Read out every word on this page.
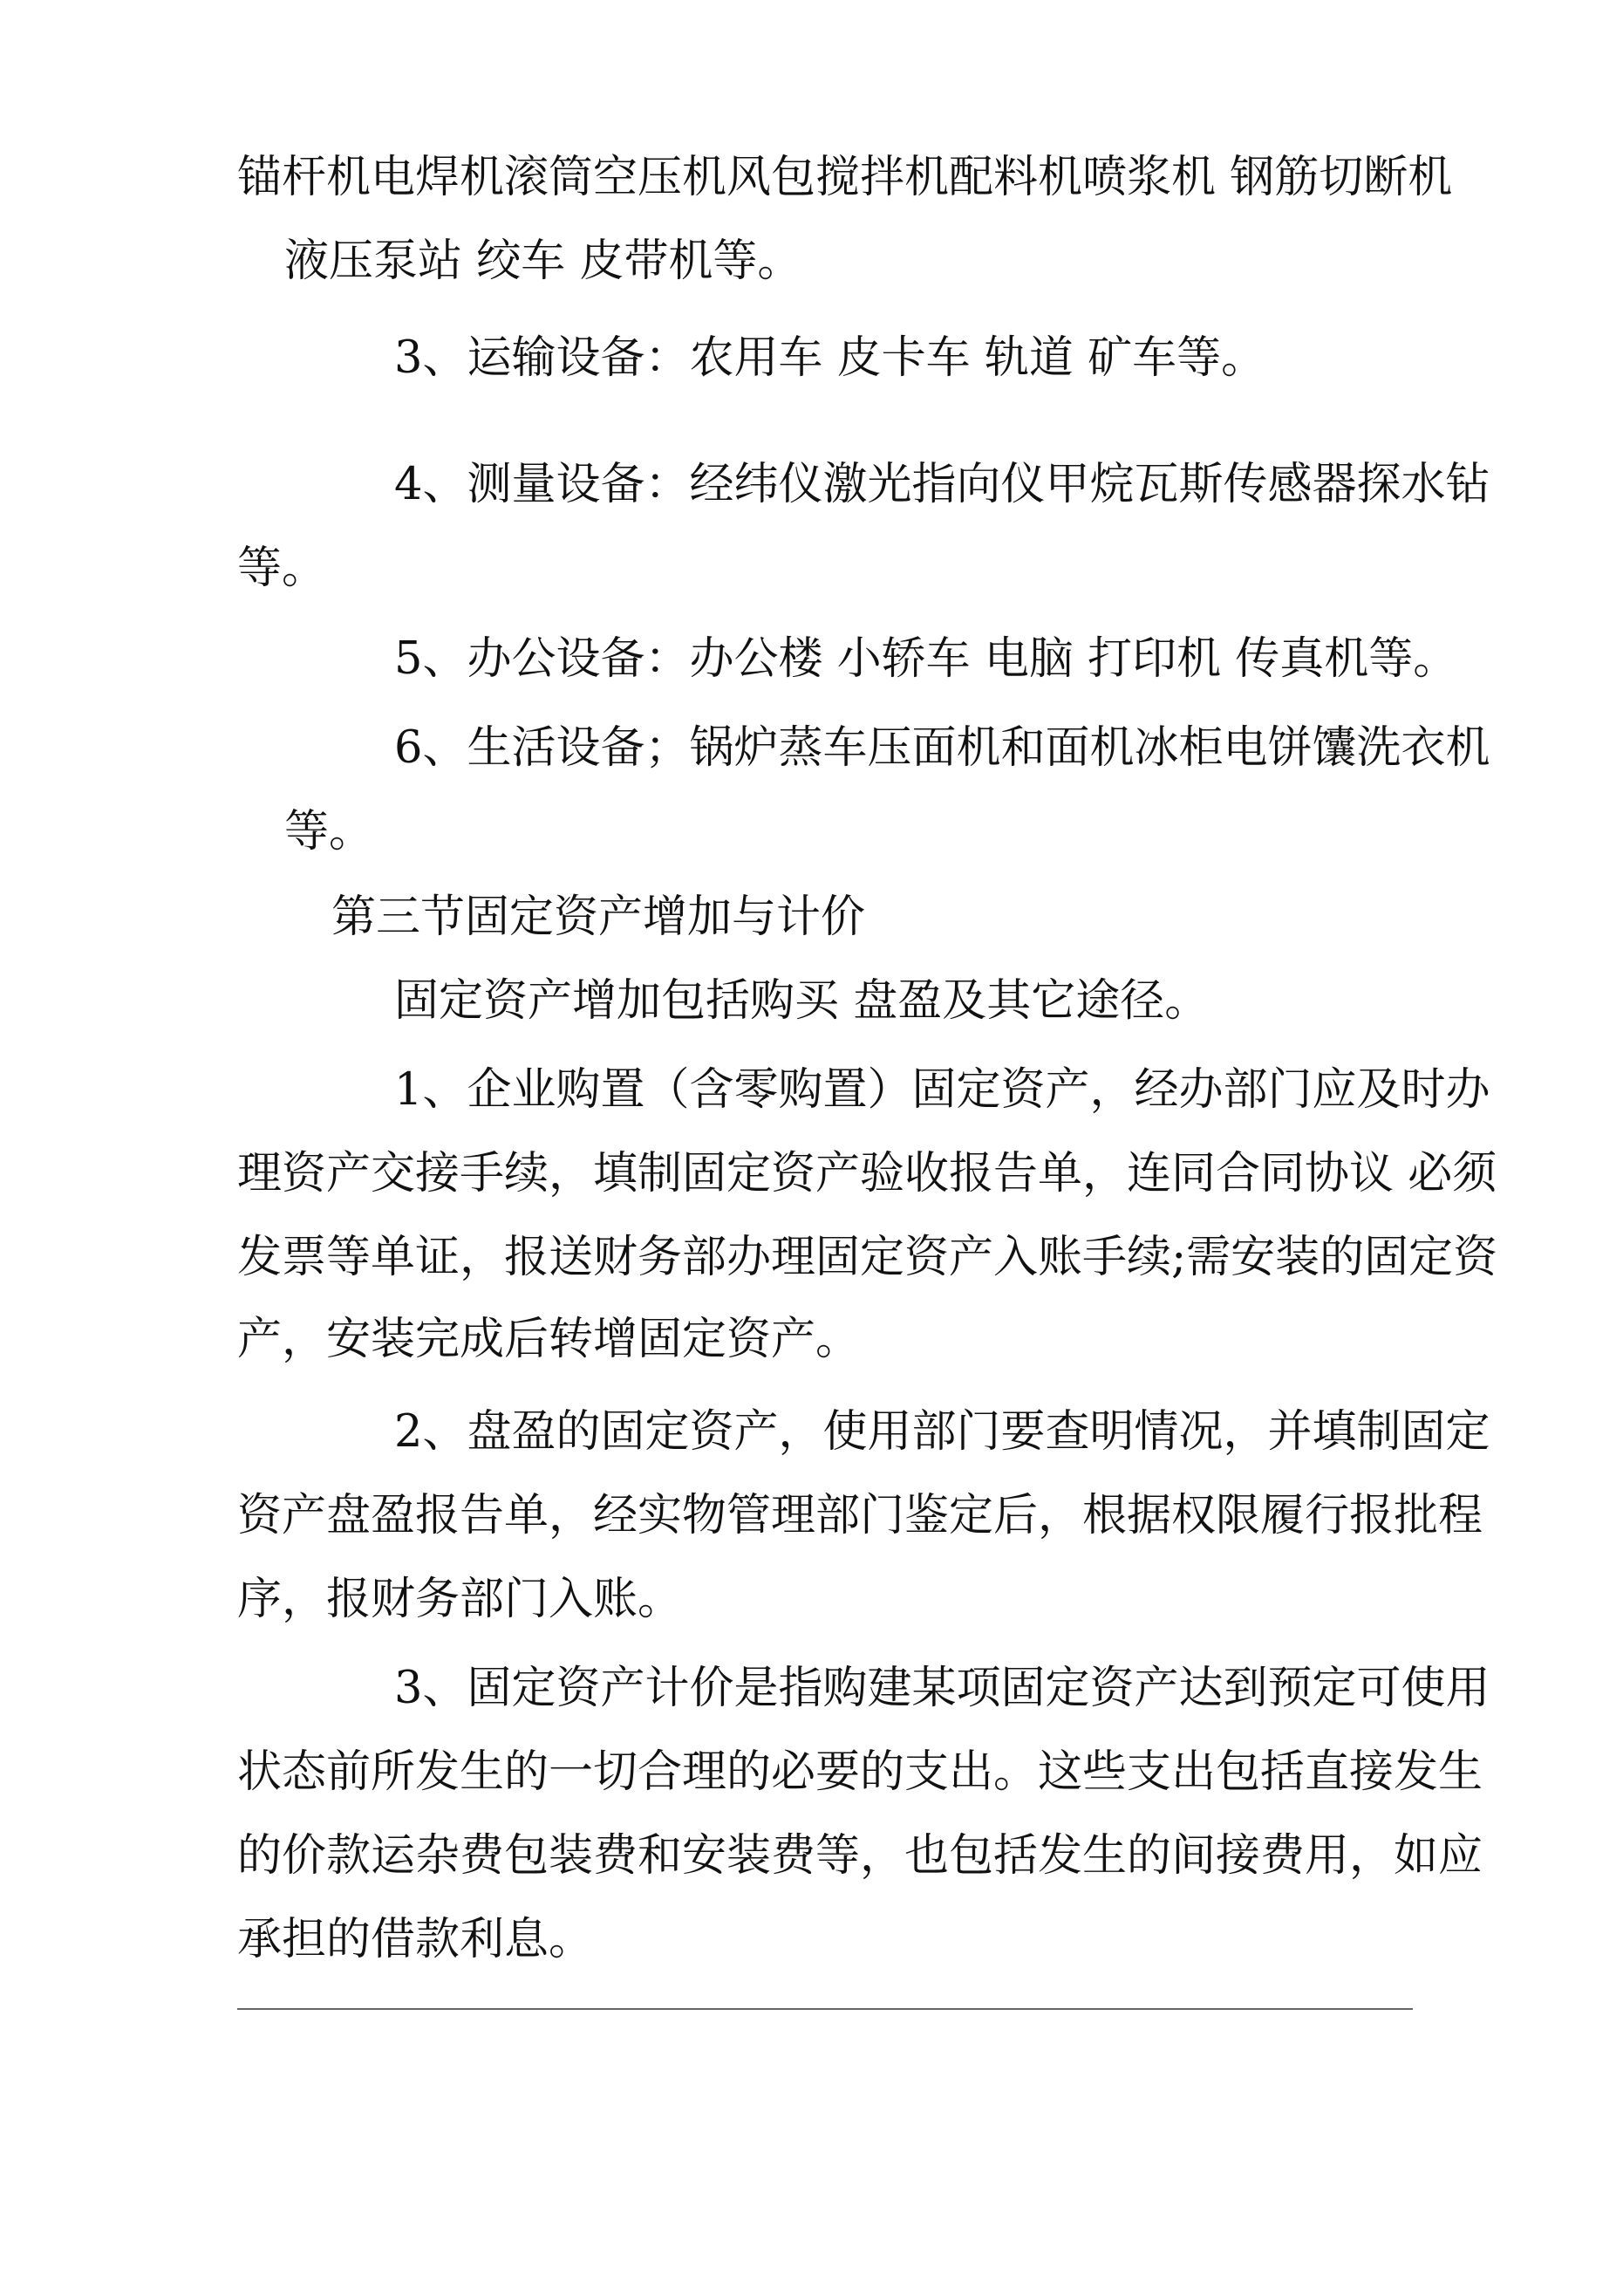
锚杆机电焊机滚筒空压机风包搅拌机配料机喷浆机 钢筋切断机
液压泵站 绞车 皮带机等。
3、运输设备：农用车 皮卡车 轨道 矿车等。
4、测量设备：经纬仪激光指向仪甲烷瓦斯传感器探水钻
等。
5、办公设备：办公楼 小轿车 电脑 打印机 传真机等。
6、生活设备；锅炉蒸车压面机和面机冰柜电饼馕洗衣机
等。
第三节固定资产增加与计价
固定资产增加包括购买 盘盈及其它途径。
1、企业购置（含零购置）固定资产，经办部门应及时办
理资产交接手续，填制固定资产验收报告单，连同合同协议 必须
发票等单证，报送财务部办理固定资产入账手续;需安装的固定资
产，安装完成后转增固定资产。
2、盘盈的固定资产，使用部门要查明情况，并填制固定
资产盘盈报告单，经实物管理部门鉴定后，根据权限履行报批程
序，报财务部门入账。
3、固定资产计价是指购建某项固定资产达到预定可使用
状态前所发生的一切合理的必要的支出。这些支出包括直接发生
的价款运杂费包装费和安装费等，也包括发生的间接费用，如应
承担的借款利息。
